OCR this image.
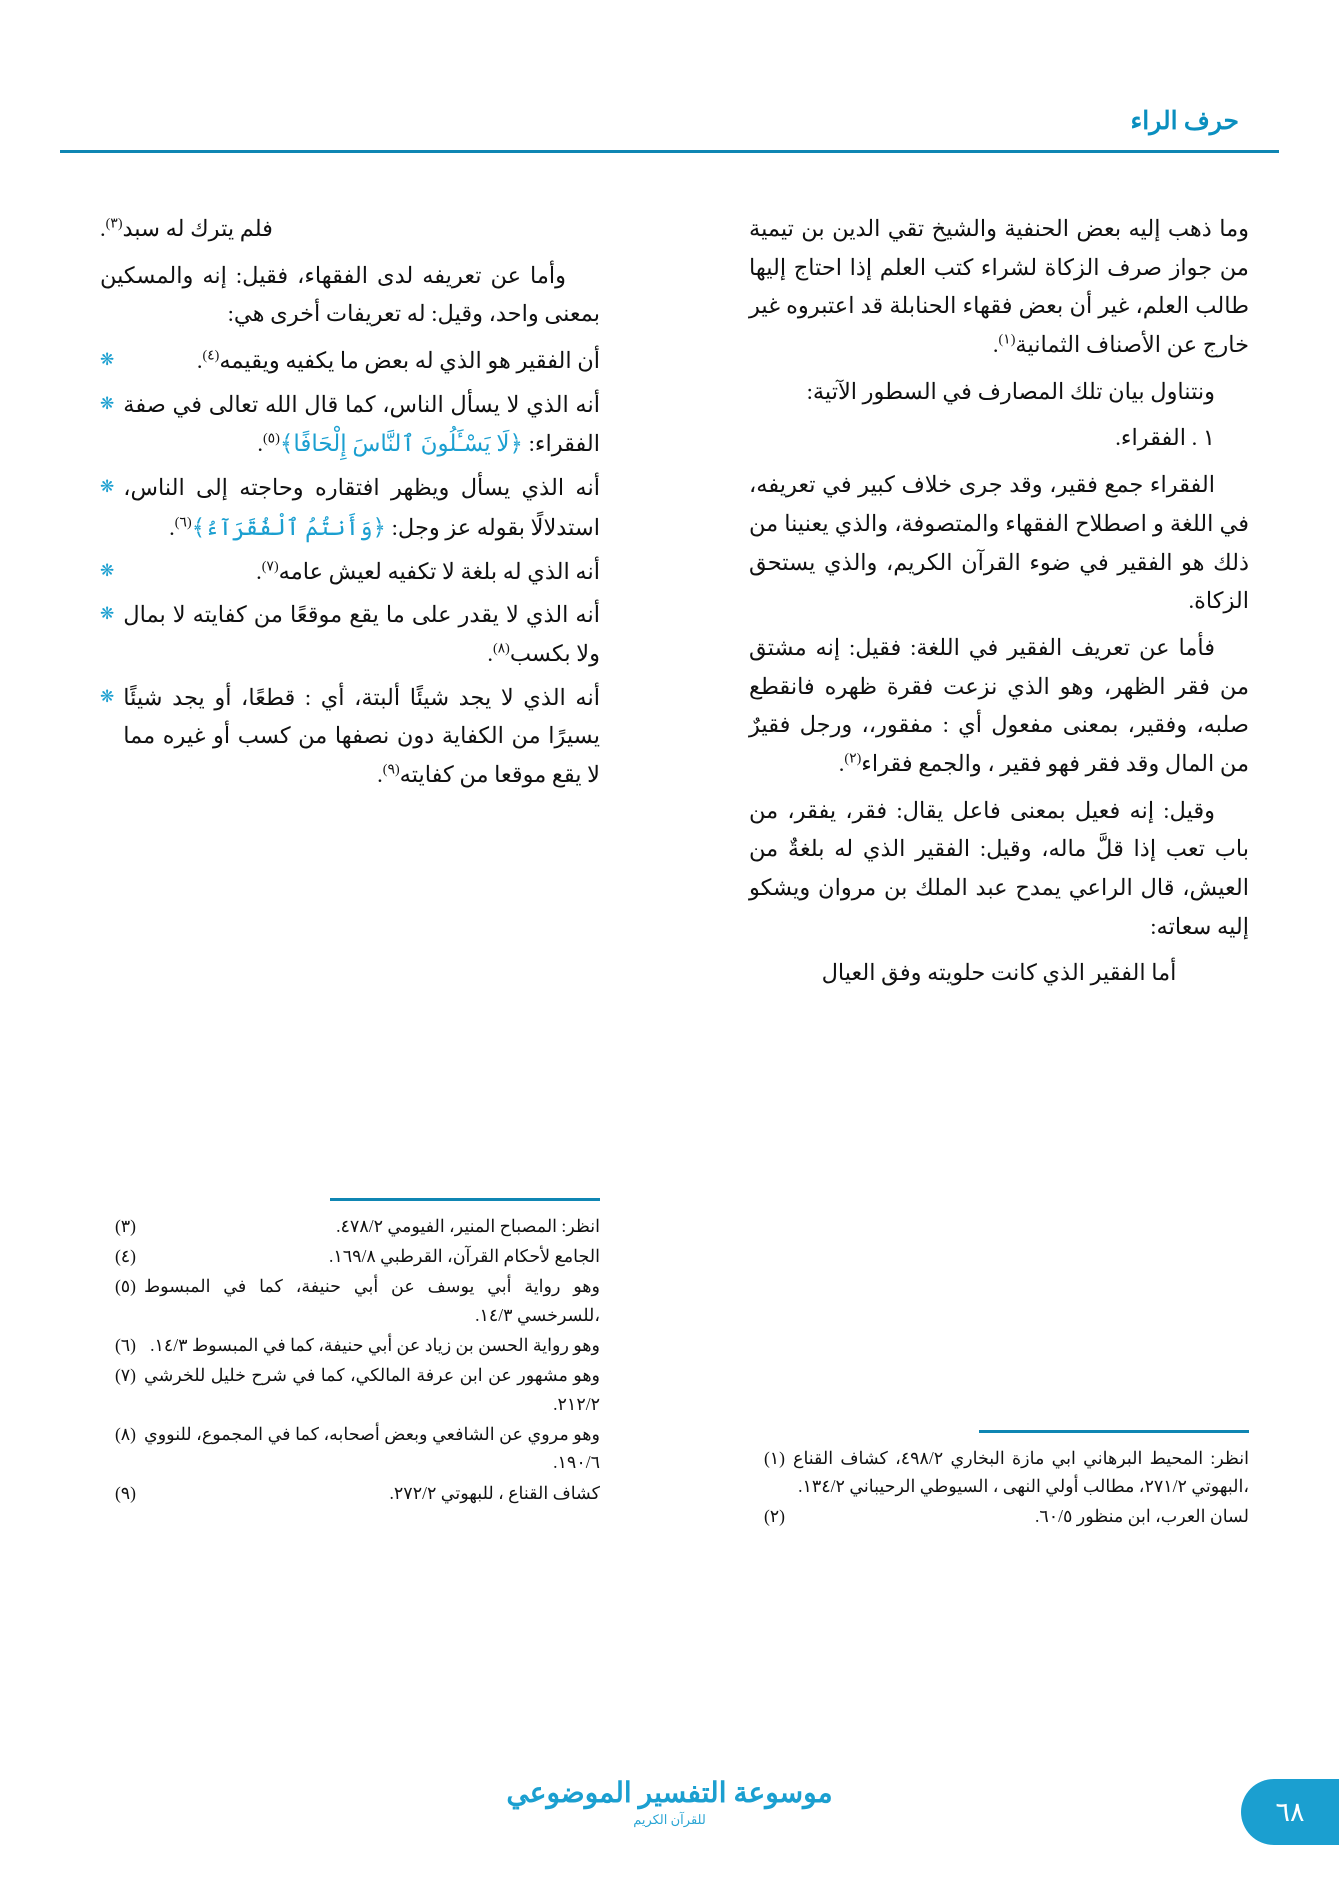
حرف الراء

وما ذهب إليه بعض الحنفية والشيخ تقي الدين بن تيمية من جواز صرف الزكاة لشراء كتب العلم إذا احتاج إليها طالب العلم، غير أن بعض فقهاء الحنابلة قد اعتبروه غير خارج عن الأصناف الثمانية$^{(١)}$.

ونتناول بيان تلك المصارف في السطور الآتية:

١ . الفقراء.

الفقراء جمع فقير، وقد جرى خلاف كبير في تعريفه، في اللغة و اصطلاح الفقهاء والمتصوفة، والذي يعنينا من ذلك هو الفقير في ضوء القرآن الكريم، والذي يستحق الزكاة.

فأما عن تعريف الفقير في اللغة: فقيل: إنه مشتق من فقر الظهر، وهو الذي نزعت فقرة ظهره فانقطع صلبه، وفقير، بمعنى مفعول أي : مفقور،، ورجل فقيرٌ من المال وقد فقر فهو فقير ، والجمع فقراء$^{(٢)}$.

وقيل: إنه فعيل بمعنى فاعل يقال: فقر، يفقر، من باب تعب إذا قلَّ ماله، وقيل: الفقير الذي له بلغةٌ من العيش، قال الراعي يمدح عبد الملك بن مروان ويشكو إليه سعاته:

أما الفقير الذي كانت حلويته وفق العيال

فلم يترك له سبد$^{(٣)}$.

وأما عن تعريفه لدى الفقهاء، فقيل: إنه والمسكين بمعنى واحد، وقيل: له تعريفات أخرى هي:

❋	أن الفقير هو الذي له بعض ما يكفيه ويقيمه$^{(٤)}$.
❋ أنه الذي لا يسأل الناس، كما قال الله تعالى في صفة الفقراء: ﴿لَا يَسْـَٔلُونَ ٱلنَّاسَ إِلْحَافًا﴾$^{(٥)}$.
❋ أنه الذي يسأل ويظهر افتقاره وحاجته إلى الناس، استدلالًا بقوله عز وجل: ﴿وَأَنتُمُ ٱلْفُقَرَآءُ﴾$^{(٦)}$.
❋	أنه الذي له بلغة لا تكفيه لعيش عامه$^{(٧)}$.
❋ أنه الذي لا يقدر على ما يقع موقعًا من كفايته لا بمال ولا بكسب$^{(٨)}$.
❋ أنه الذي لا يجد شيئًا ألبتة، أي : قطعًا، أو يجد شيئًا يسيرًا من الكفاية دون نصفها من كسب أو غيره مما لا يقع موقعا من كفايته$^{(٩)}$.
(١) انظر: المحيط البرهاني ابي مازة البخاري ٤٩٨/٢، كشاف القناع ،البهوتي ٢٧١/٢، مطالب أولي النهى ، السيوطي الرحيباني ١٣٤/٢.
(٢)	لسان العرب، ابن منظور ٦٠/٥.
(٣)	انظر: المصباح المنير، الفيومي ٤٧٨/٢.
(٤)	الجامع لأحكام القرآن، القرطبي ١٦٩/٨.
(٥) وهو رواية أبي يوسف عن أبي حنيفة، كما في المبسوط ،للسرخسي ١٤/٣.
(٦) وهو رواية الحسن بن زياد عن أبي حنيفة، كما في المبسوط ١٤/٣.
(٧) وهو مشهور عن ابن عرفة المالكي، كما في شرح خليل للخرشي ٢١٢/٢.
(٨) وهو مروي عن الشافعي وبعض أصحابه، كما في المجموع، للنووي ١٩٠/٦.
(٩)	كشاف القناع ، للبهوتي ٢٧٢/٢.
موسوعة التفسير الموضوعي
للقرآن الكريم	٦٨
